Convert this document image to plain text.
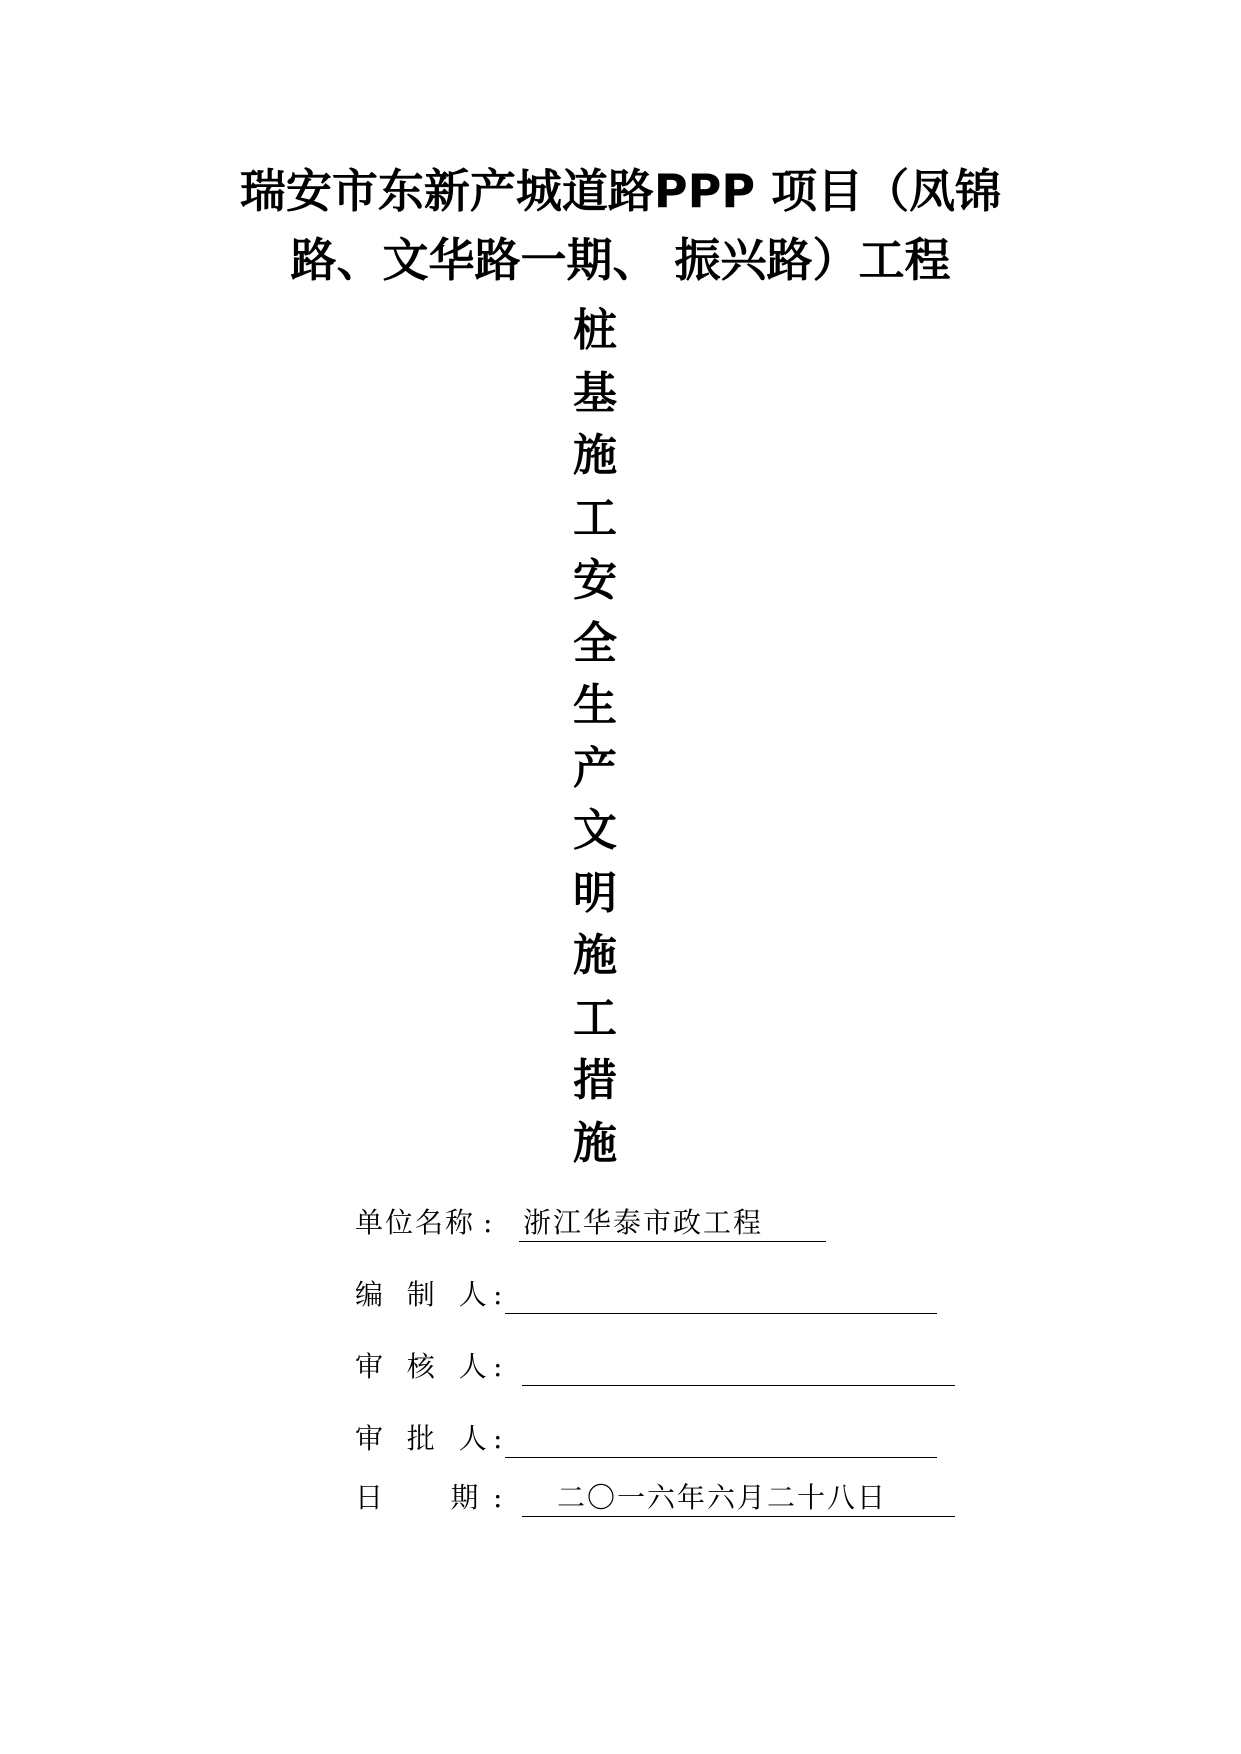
瑞安市东新产城道路PPP 项目（凤锦
路、文华路一期、 振兴路）工程
桩
基
施
工
安
全
生
产
文
明
施
工
措
施
单位名称 : 浙江华泰市政工程
编  制  人 :
审  核  人 :
审  批  人 :
日      期 : 二〇一六年六月二十八日
